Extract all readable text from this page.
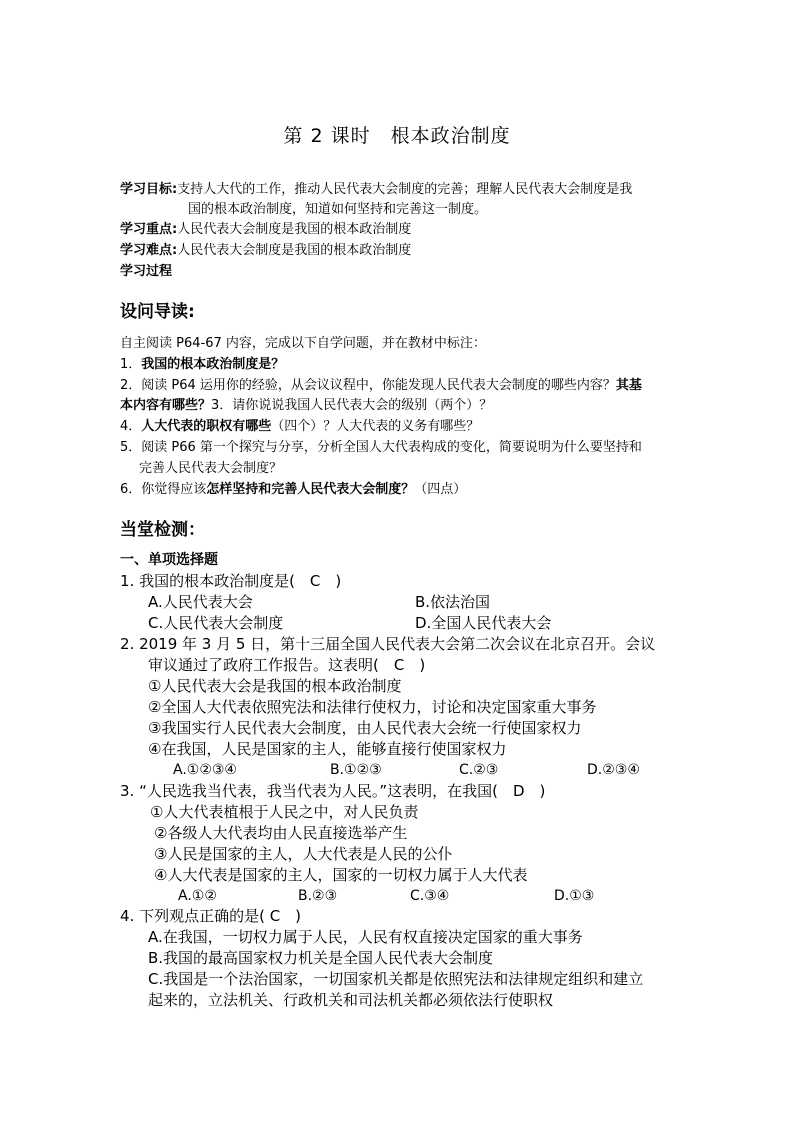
第 2 课时　根本政治制度
学习目标:支持人大代的工作，推动人民代表大会制度的完善；理解人民代表大会制度是我
国的根本政治制度，知道如何坚持和完善这一制度。
学习重点:人民代表大会制度是我国的根本政治制度
学习难点:人民代表大会制度是我国的根本政治制度
学习过程
设问导读:
自主阅读 P64-67 内容，完成以下自学问题，并在教材中标注：
1．我国的根本政治制度是？
2．阅读 P64 运用你的经验，从会议议程中，你能发现人民代表大会制度的哪些内容？其基
本内容有哪些？3．请你说说我国人民代表大会的级别（两个）？
4．人大代表的职权有哪些（四个）？人大代表的义务有哪些？
5．阅读 P66 第一个探究与分享，分析全国人大代表构成的变化，简要说明为什么要坚持和
完善人民代表大会制度？
6．你觉得应该怎样坚持和完善人民代表大会制度？（四点）
当堂检测：
一、单项选择题
1. 我国的根本政治制度是(　C　)
A.人民代表大会	B.依法治国
C.人民代表大会制度	D.全国人民代表大会
2. 2019 年 3 月 5 日，第十三届全国人民代表大会第二次会议在北京召开。会议
审议通过了政府工作报告。这表明(　C　)
①人民代表大会是我国的根本政治制度
②全国人大代表依照宪法和法律行使权力，讨论和决定国家重大事务
③我国实行人民代表大会制度，由人民代表大会统一行使国家权力
④在我国，人民是国家的主人，能够直接行使国家权力
A.①②③④	B.①②③	C.②③	D.②③④
3. “人民选我当代表，我当代表为人民。”这表明，在我国(　D　)
①人大代表植根于人民之中，对人民负责
②各级人大代表均由人民直接选举产生
③人民是国家的主人，人大代表是人民的公仆
④人大代表是国家的主人，国家的一切权力属于人大代表
A.①②	B.②③	C.③④	D.①③
4. 下列观点正确的是( C　)
A.在我国，一切权力属于人民，人民有权直接决定国家的重大事务
B.我国的最高国家权力机关是全国人民代表大会制度
C.我国是一个法治国家，一切国家机关都是依照宪法和法律规定组织和建立
起来的，立法机关、行政机关和司法机关都必须依法行使职权
